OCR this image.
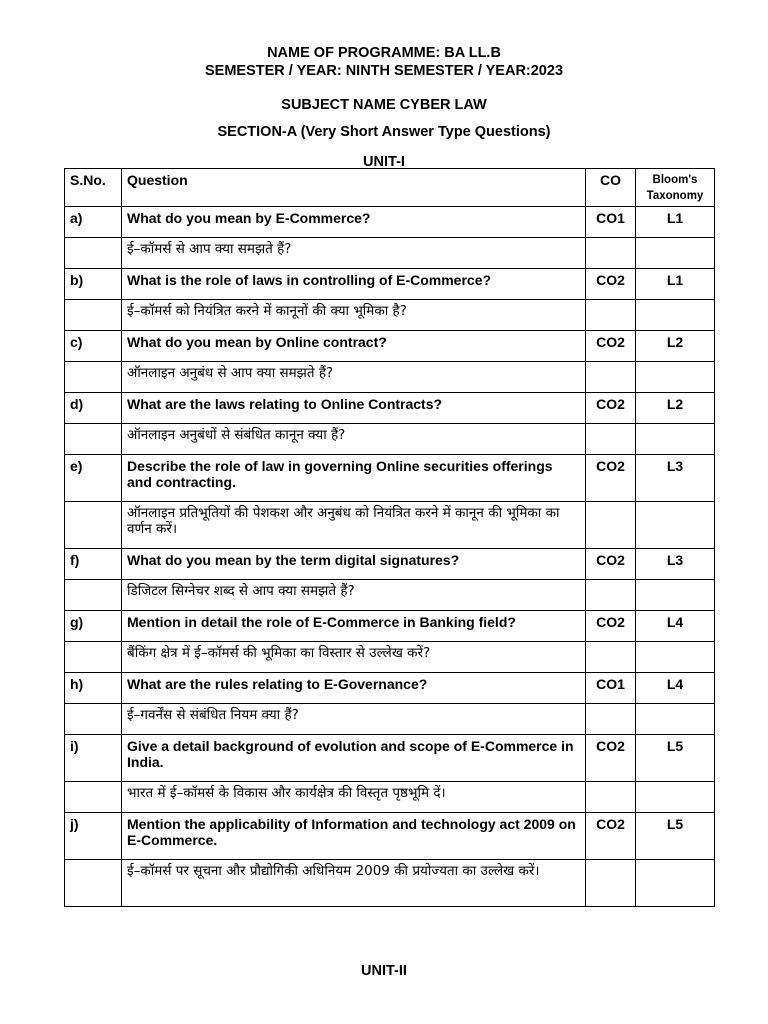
NAME OF PROGRAMME: BA LL.B
SEMESTER / YEAR: NINTH SEMESTER / YEAR:2023
SUBJECT NAME CYBER LAW
SECTION-A (Very Short Answer Type Questions)
UNIT-I
S.No.	Question	CO	Bloom's Taxonomy
a)	What do you mean by E-Commerce?	CO1	L1
	ई–कॉमर्स से आप क्या समझते हैं?		
b)	What is the role of laws in controlling of E-Commerce?	CO2	L1
	ई–कॉमर्स को नियंत्रित करने में कानूनों की क्या भूमिका है?		
c)	What do you mean by Online contract?	CO2	L2
	ऑनलाइन अनुबंध से आप क्या समझते हैं?		
d)	What are the laws relating to Online Contracts?	CO2	L2
	ऑनलाइन अनुबंधों से संबंधित कानून क्या हैं?		
e)	Describe the role of law in governing Online securities offerings and contracting.	CO2	L3
	ऑनलाइन प्रतिभूतियों की पेशकश और अनुबंध को नियंत्रित करने में कानून की भूमिका का वर्णन करें।		
f)	What do you mean by the term digital signatures?	CO2	L3
	डिजिटल सिग्नेचर शब्द से आप क्या समझते हैं?		
g)	Mention in detail the role of E-Commerce in Banking field?	CO2	L4
	बैंकिंग क्षेत्र में ई–कॉमर्स की भूमिका का विस्तार से उल्लेख करें?		
h)	What are the rules relating to E-Governance?	CO1	L4
	ई–गवर्नेंस से संबंधित नियम क्या हैं?		
i)	Give a detail background of evolution and scope of E-Commerce in India.	CO2	L5
	भारत में ई–कॉमर्स के विकास और कार्यक्षेत्र की विस्तृत पृष्ठभूमि दें।		
j)	Mention the applicability of Information and technology act 2009 on E-Commerce.	CO2	L5
	ई–कॉमर्स पर सूचना और प्रौद्योगिकी अधिनियम 2009 की प्रयोज्यता का उल्लेख करें।		
UNIT-II
